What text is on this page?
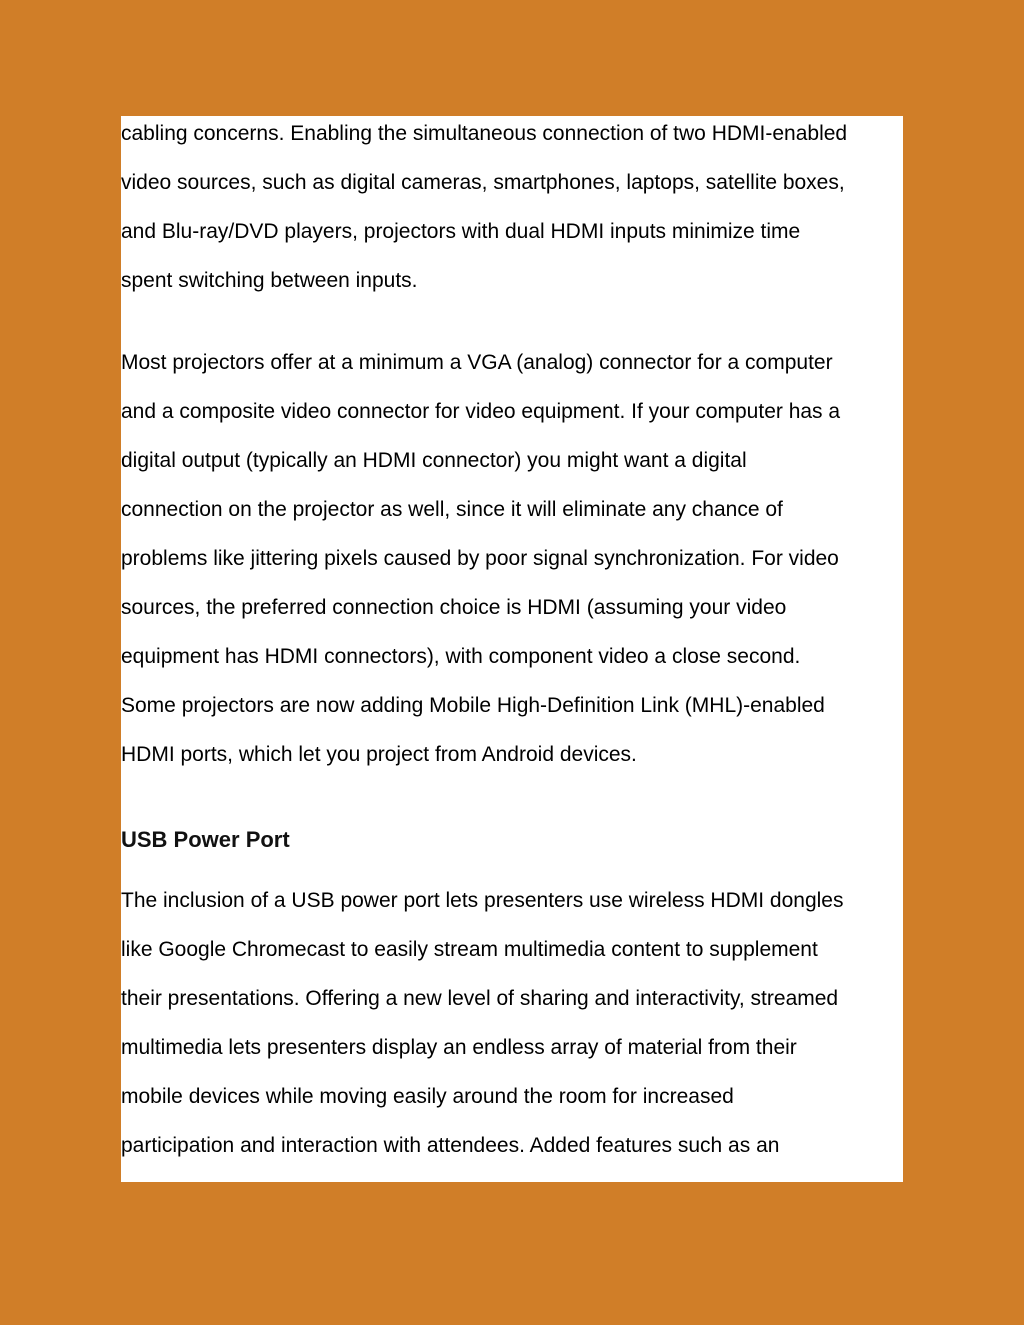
cabling concerns. Enabling the simultaneous connection of two HDMI-enabled
video sources, such as digital cameras, smartphones, laptops, satellite boxes,
and Blu-ray/DVD players, projectors with dual HDMI inputs minimize time
spent switching between inputs.

Most projectors offer at a minimum a VGA (analog) connector for a computer
and a composite video connector for video equipment. If your computer has a
digital output (typically an HDMI connector) you might want a digital
connection on the projector as well, since it will eliminate any chance of
problems like jittering pixels caused by poor signal synchronization. For video
sources, the preferred connection choice is HDMI (assuming your video
equipment has HDMI connectors), with component video a close second.
Some projectors are now adding Mobile High-Definition Link (MHL)-enabled
HDMI ports, which let you project from Android devices.

USB Power Port

The inclusion of a USB power port lets presenters use wireless HDMI dongles
like Google Chromecast to easily stream multimedia content to supplement
their presentations. Offering a new level of sharing and interactivity, streamed
multimedia lets presenters display an endless array of material from their
mobile devices while moving easily around the room for increased
participation and interaction with attendees. Added features such as an
